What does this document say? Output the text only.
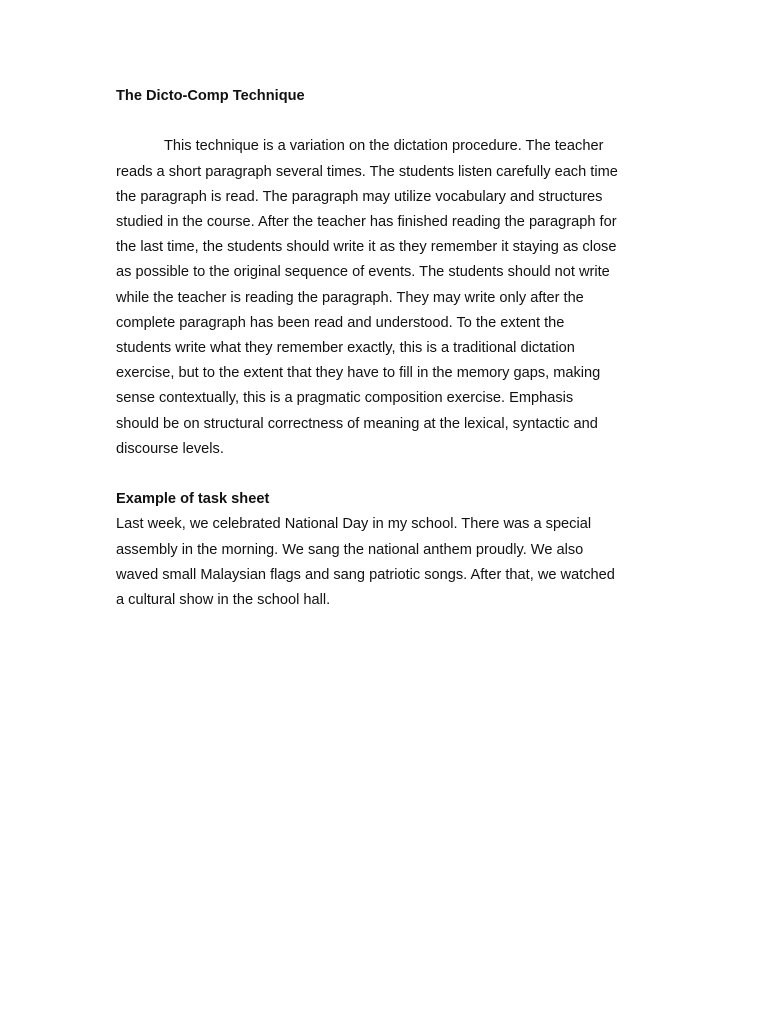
The Dicto-Comp Technique

This technique is a variation on the dictation procedure. The teacher
reads a short paragraph several times. The students listen carefully each time
the paragraph is read. The paragraph may utilize vocabulary and structures
studied in the course. After the teacher has finished reading the paragraph for
the last time, the students should write it as they remember it staying as close
as possible to the original sequence of events. The students should not write
while the teacher is reading the paragraph. They may write only after the
complete paragraph has been read and understood. To the extent the
students write what they remember exactly, this is a traditional dictation
exercise, but to the extent that they have to fill in the memory gaps, making
sense contextually, this is a pragmatic composition exercise. Emphasis
should be on structural correctness of meaning at the lexical, syntactic and
discourse levels.

Example of task sheet

Last week, we celebrated National Day in my school. There was a special
assembly in the morning. We sang the national anthem proudly. We also
waved small Malaysian flags and sang patriotic songs. After that, we watched
a cultural show in the school hall.
